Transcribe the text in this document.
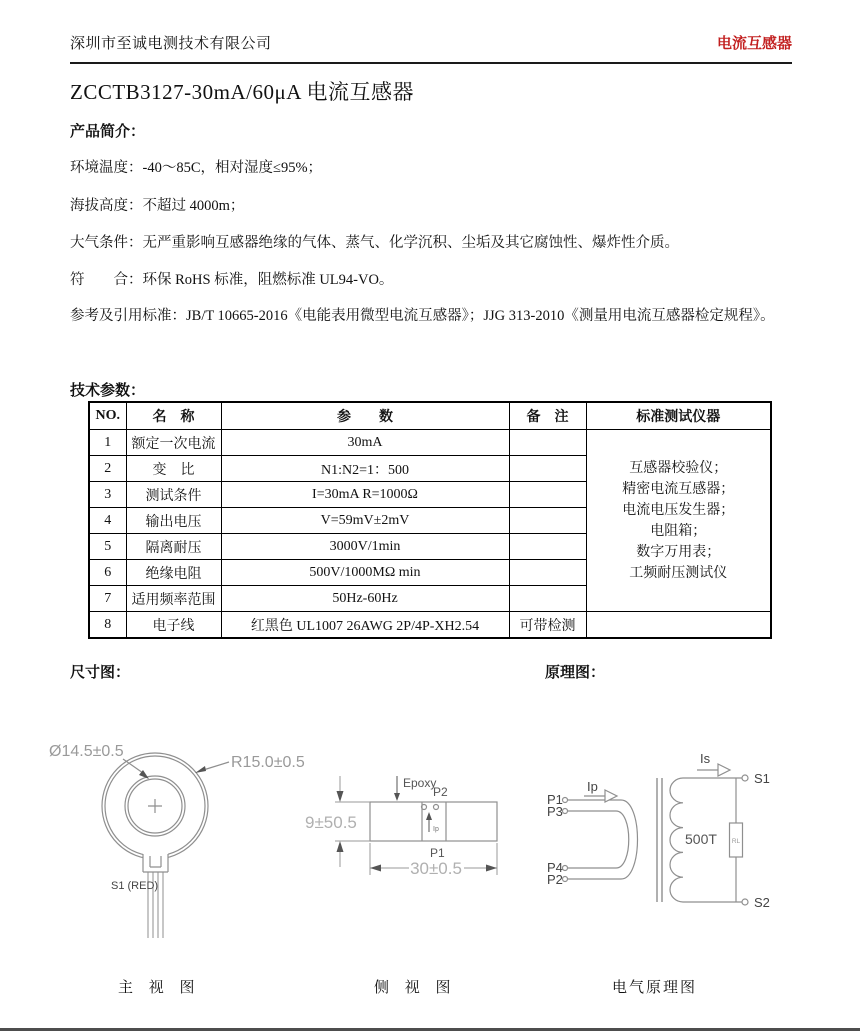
深圳市至诚电测技术有限公司	电流互感器
ZCCTB3127-30mA/60μA 电流互感器
产品简介：
环境温度：-40～85C，相对湿度≤95%；
海拔高度：不超过 4000m；
大气条件：无严重影响互感器绝缘的气体、蒸气、化学沉积、尘垢及其它腐蚀性、爆炸性介质。
符　　合：环保 RoHS 标准，阻燃标准 UL94-VO。
参考及引用标准：JB/T 10665-2016《电能表用微型电流互感器》；JJG 313-2010《测量用电流互感器检定规程》。
技术参数：
NO.	名　称	参　　数	备　注	标准测试仪器
1	额定一次电流	30mA		
互感器校验仪；
精密电流互感器；
电流电压发生器；
电阻箱；
数字万用表；
工频耐压测试仪

2	变　比	N1:N2=1：500		
3	测试条件	I=30mA R=1000Ω		
4	输出电压	V=59mV±2mV		
5	隔离耐压	3000V/1min		
6	绝缘电阻	500V/1000MΩ min		
7	适用频率范围	50Hz-60Hz		
8	电子线	红黑色 UL1007 26AWG 2P/4P-XH2.54	可带检测	
尺寸图：	原理图：
Ø14.5±0.5
R15.0±0.5
S1 (RED)
Ip
Epoxy
P2
P1
30±0.5
9±50.5
P1
P3
P4
P2
Ip
500T RL
Is
S1
S2
主 视 图	侧 视 图	电气原理图
